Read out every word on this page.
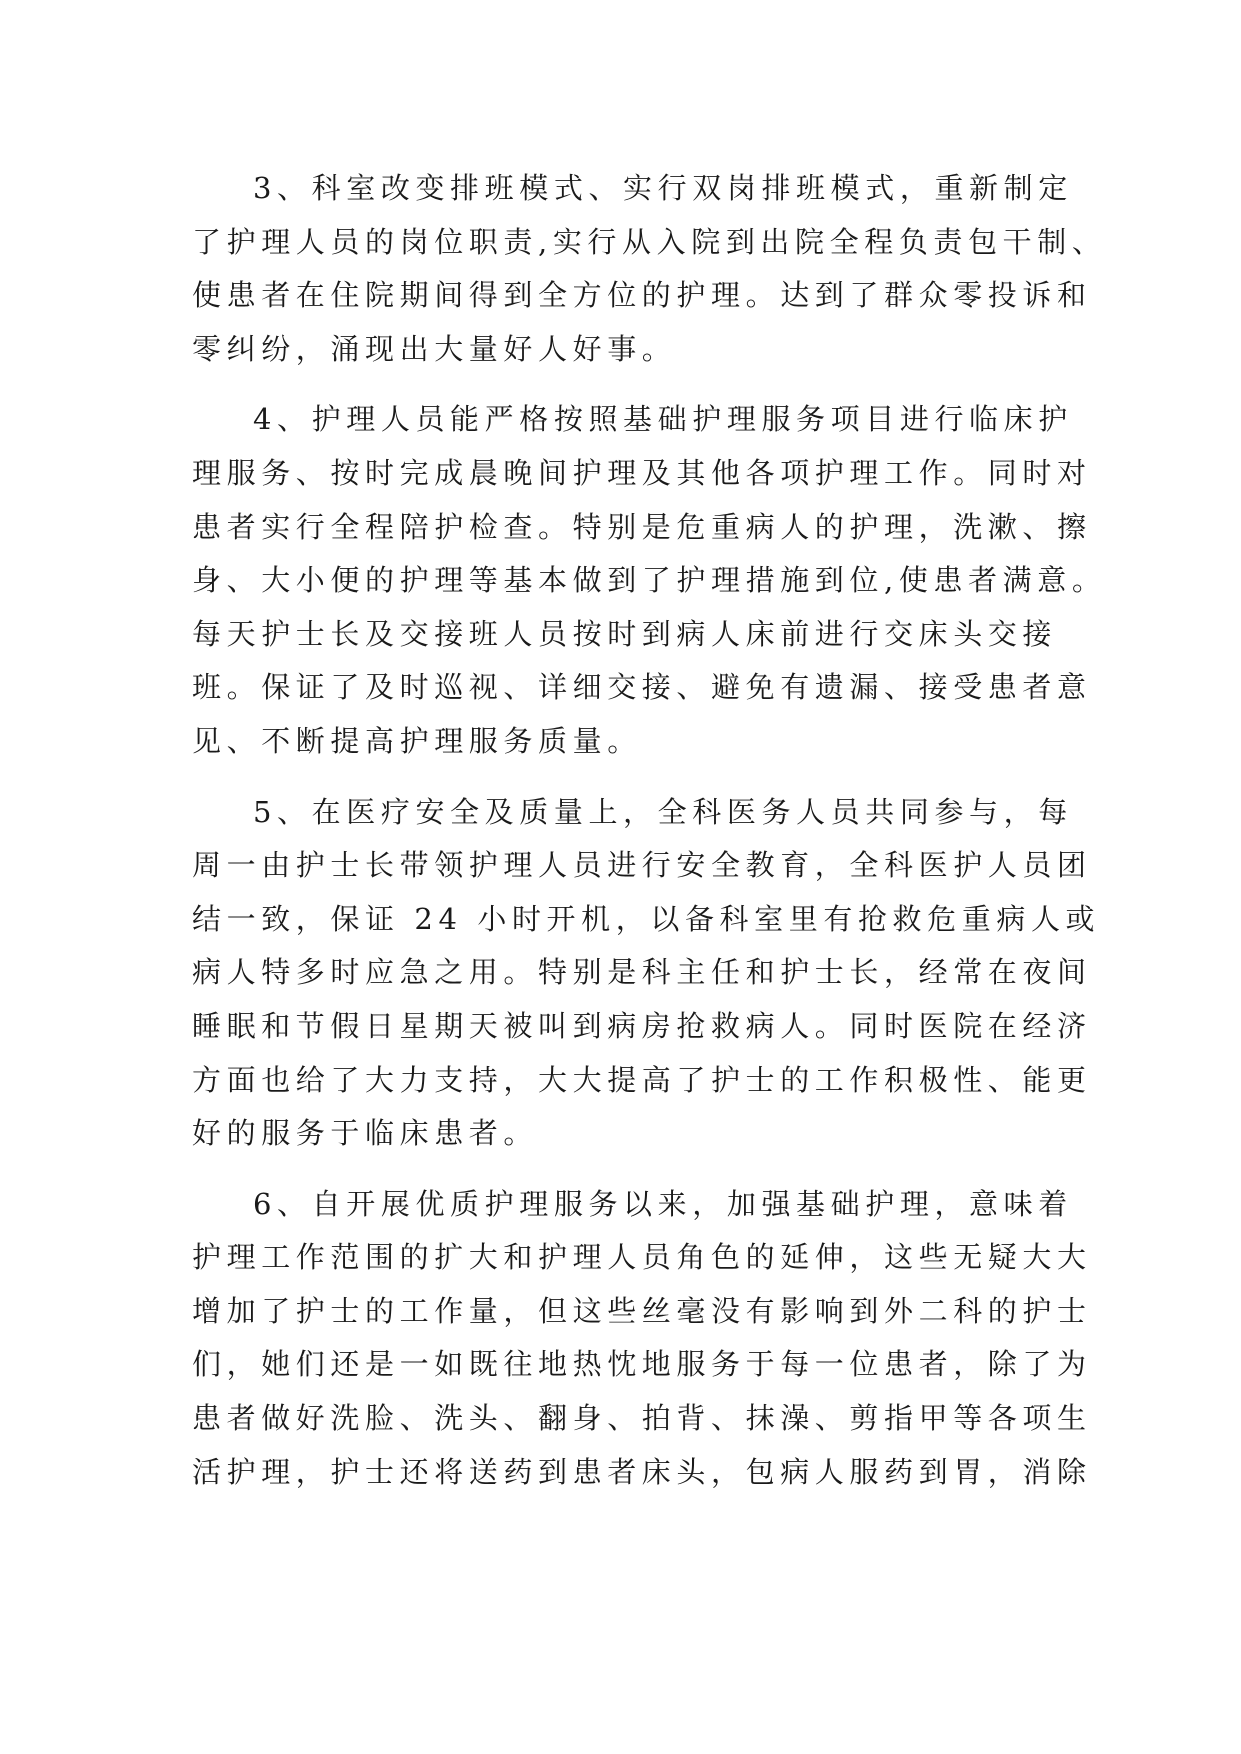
3、科室改变排班模式、实行双岗排班模式，重新制定
了护理人员的岗位职责,实行从入院到出院全程负责包干制、
使患者在住院期间得到全方位的护理。达到了群众零投诉和
零纠纷，涌现出大量好人好事。
4、护理人员能严格按照基础护理服务项目进行临床护
理服务、按时完成晨晚间护理及其他各项护理工作。同时对
患者实行全程陪护检查。特别是危重病人的护理，洗漱、擦
身、大小便的护理等基本做到了护理措施到位,使患者满意。
每天护士长及交接班人员按时到病人床前进行交床头交接
班。保证了及时巡视、详细交接、避免有遗漏、接受患者意
见、不断提高护理服务质量。
5、在医疗安全及质量上，全科医务人员共同参与，每
周一由护士长带领护理人员进行安全教育，全科医护人员团
结一致，保证 24 小时开机，以备科室里有抢救危重病人或
病人特多时应急之用。特别是科主任和护士长，经常在夜间
睡眠和节假日星期天被叫到病房抢救病人。同时医院在经济
方面也给了大力支持，大大提高了护士的工作积极性、能更
好的服务于临床患者。
6、自开展优质护理服务以来，加强基础护理，意味着
护理工作范围的扩大和护理人员角色的延伸，这些无疑大大
增加了护士的工作量，但这些丝毫没有影响到外二科的护士
们，她们还是一如既往地热忱地服务于每一位患者，除了为
患者做好洗脸、洗头、翻身、拍背、抹澡、剪指甲等各项生
活护理，护士还将送药到患者床头，包病人服药到胃，消除
